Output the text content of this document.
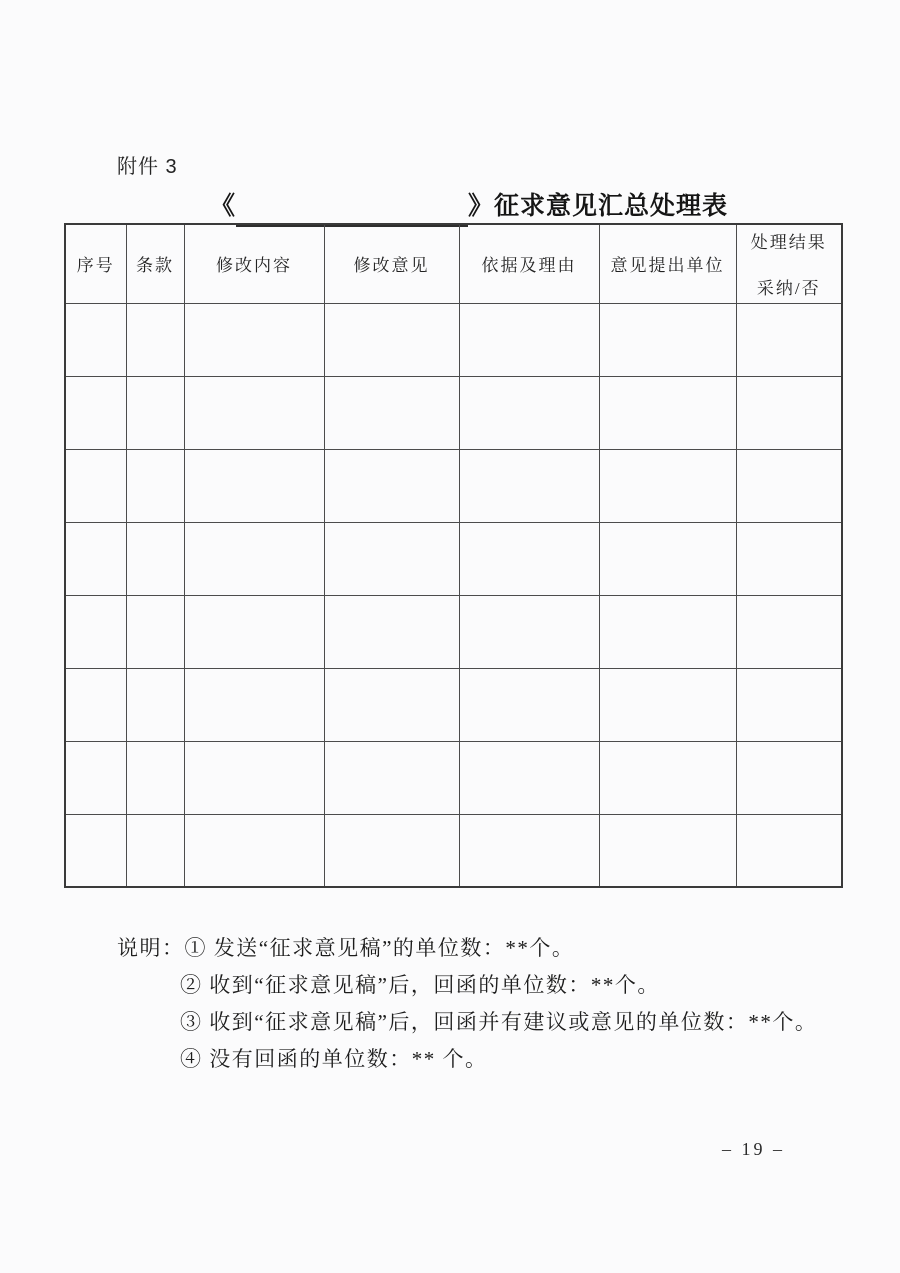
附件 3
《	》 征求意见汇总处理表
序号	条款	修改内容	修改意见	依据及理由	意见提出单位	处理结果
采纳/否

说明：① 发送“征求意见稿”的单位数：**个。
② 收到“征求意见稿”后，回函的单位数：**个。
③ 收到“征求意见稿”后，回函并有建议或意见的单位数：**个。
④ 没有回函的单位数：** 个。
– 19 –
